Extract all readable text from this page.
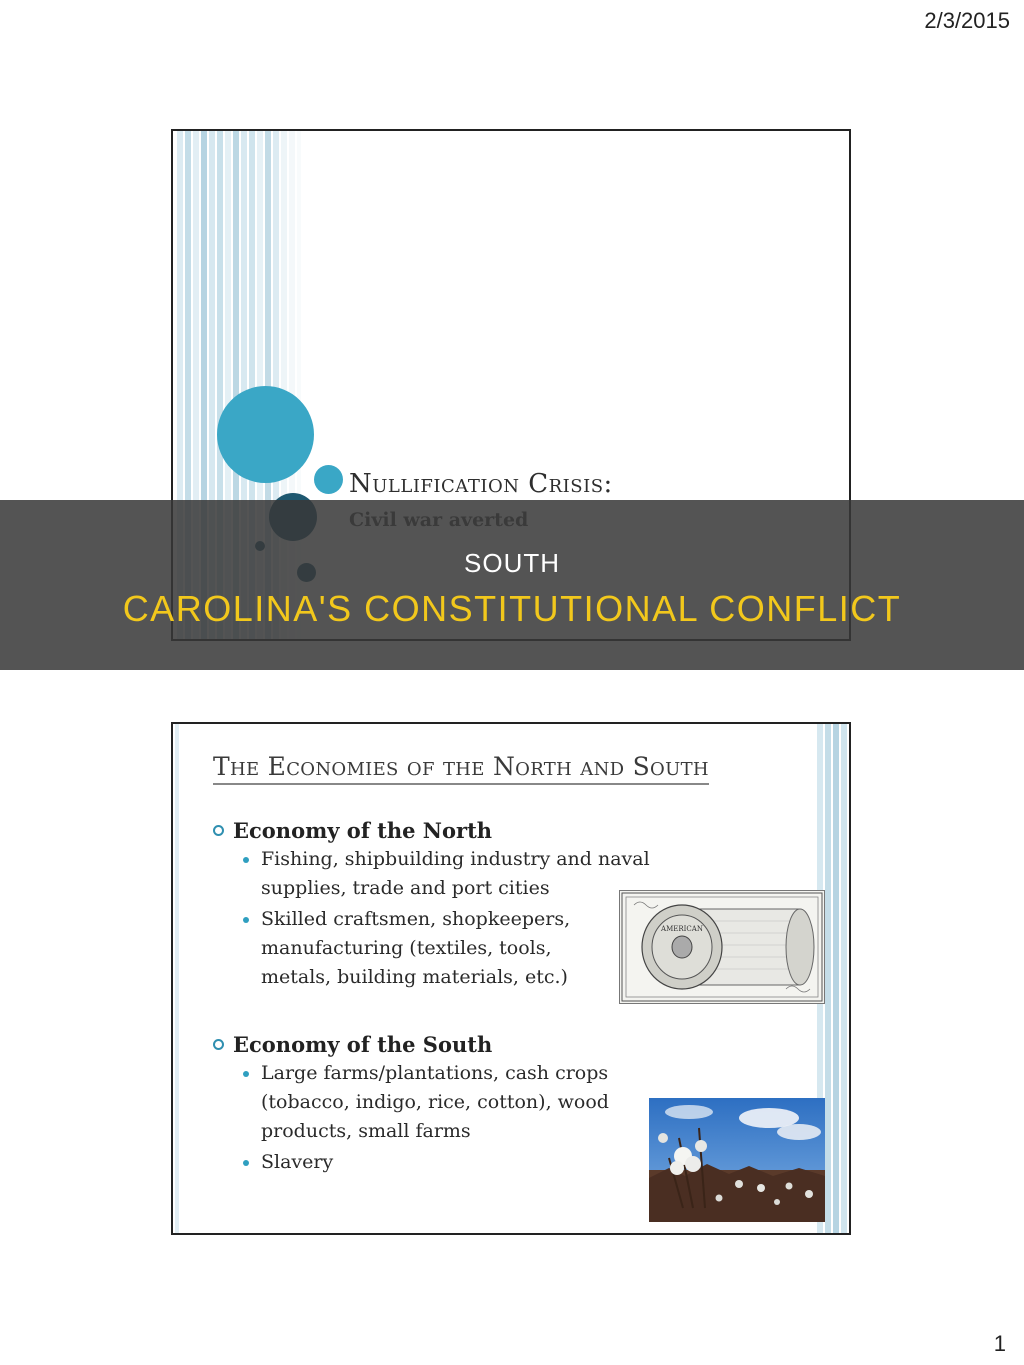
2/3/2015
Nullification Crisis:

The Economies of the North and South
Economy of the North
Fishing, shipbuilding industry and naval supplies, trade and port cities
Skilled craftsmen, shopkeepers, manufacturing (textiles, tools, metals, building materials, etc.)
Economy of the South
Large farms/plantations, cash crops (tobacco, indigo, rice, cotton), wood products, small farms
Slavery
AMERICAN

SOUTH

CAROLINA'S CONSTITUTIONAL CONFLICT

1
